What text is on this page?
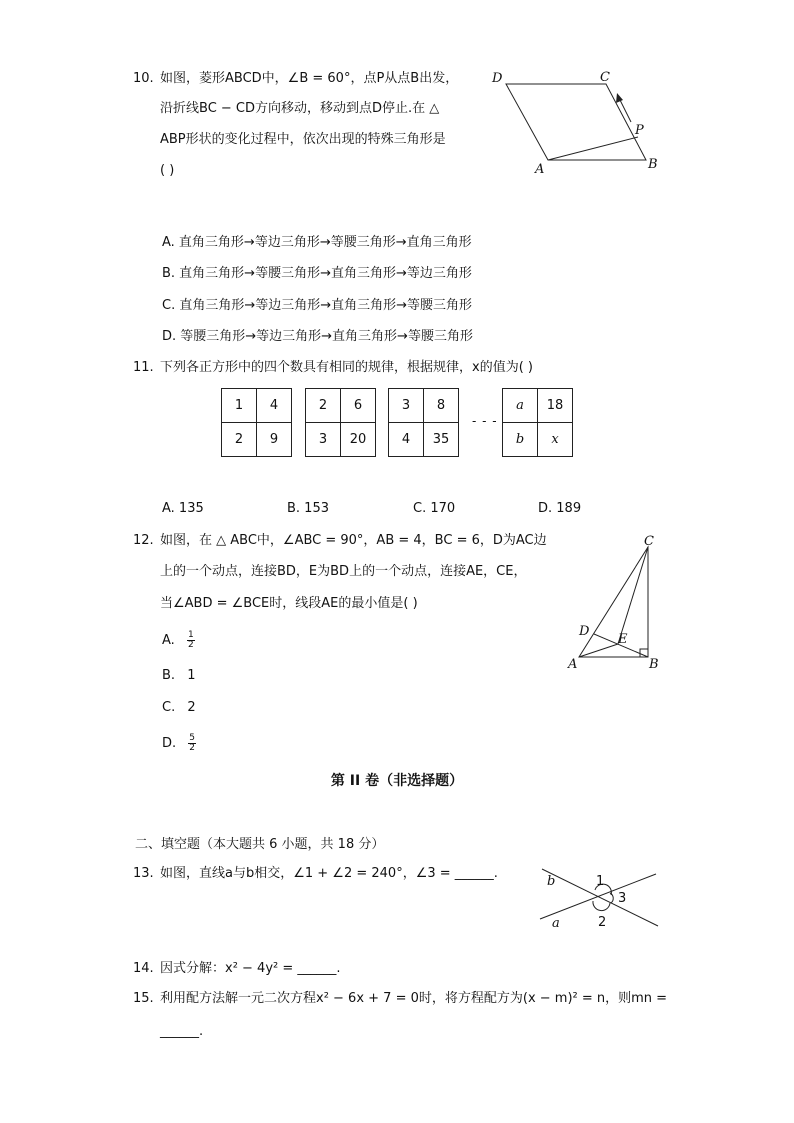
10. 如图，菱形ABCD中，∠B = 60°，点P从点B出发，
沿折线BC − CD方向移动，移动到点D停止.在 △
ABP形状的变化过程中，依次出现的特殊三角形是
( )
D	C
P
A	B
A. 直角三角形→等边三角形→等腰三角形→直角三角形
B. 直角三角形→等腰三角形→直角三角形→等边三角形
C. 直角三角形→等边三角形→直角三角形→等腰三角形
D. 等腰三角形→等边三角形→直角三角形→等腰三角形
11. 下列各正方形中的四个数具有相同的规律，根据规律，x的值为( )
1	4
2	9
2	6
3	20
3	8
4	35
- - -
a	18
b	x
A. 135	B. 153	C. 170	D. 189
12. 如图，在 △ ABC中，∠ABC = 90°，AB = 4，BC = 6，D为AC边
上的一个动点，连接BD，E为BD上的一个动点，连接AE，CE，
当∠ABD = ∠BCE时，线段AE的最小值是( )
A. $\frac{1}{2}$
B. 1
C. 2
D. $\frac{5}{2}$
C
D
E
A	B
第 II 卷（非选择题）
二、填空题（本大题共 6 小题，共 18 分）
13. 如图，直线a与b相交，∠1 + ∠2 = 240°，∠3 = ______.
b
a
1
2
3
14. 因式分解：x² − 4y² = ______.
15. 利用配方法解一元二次方程x² − 6x + 7 = 0时，将方程配方为(x − m)² = n，则mn =
______.
